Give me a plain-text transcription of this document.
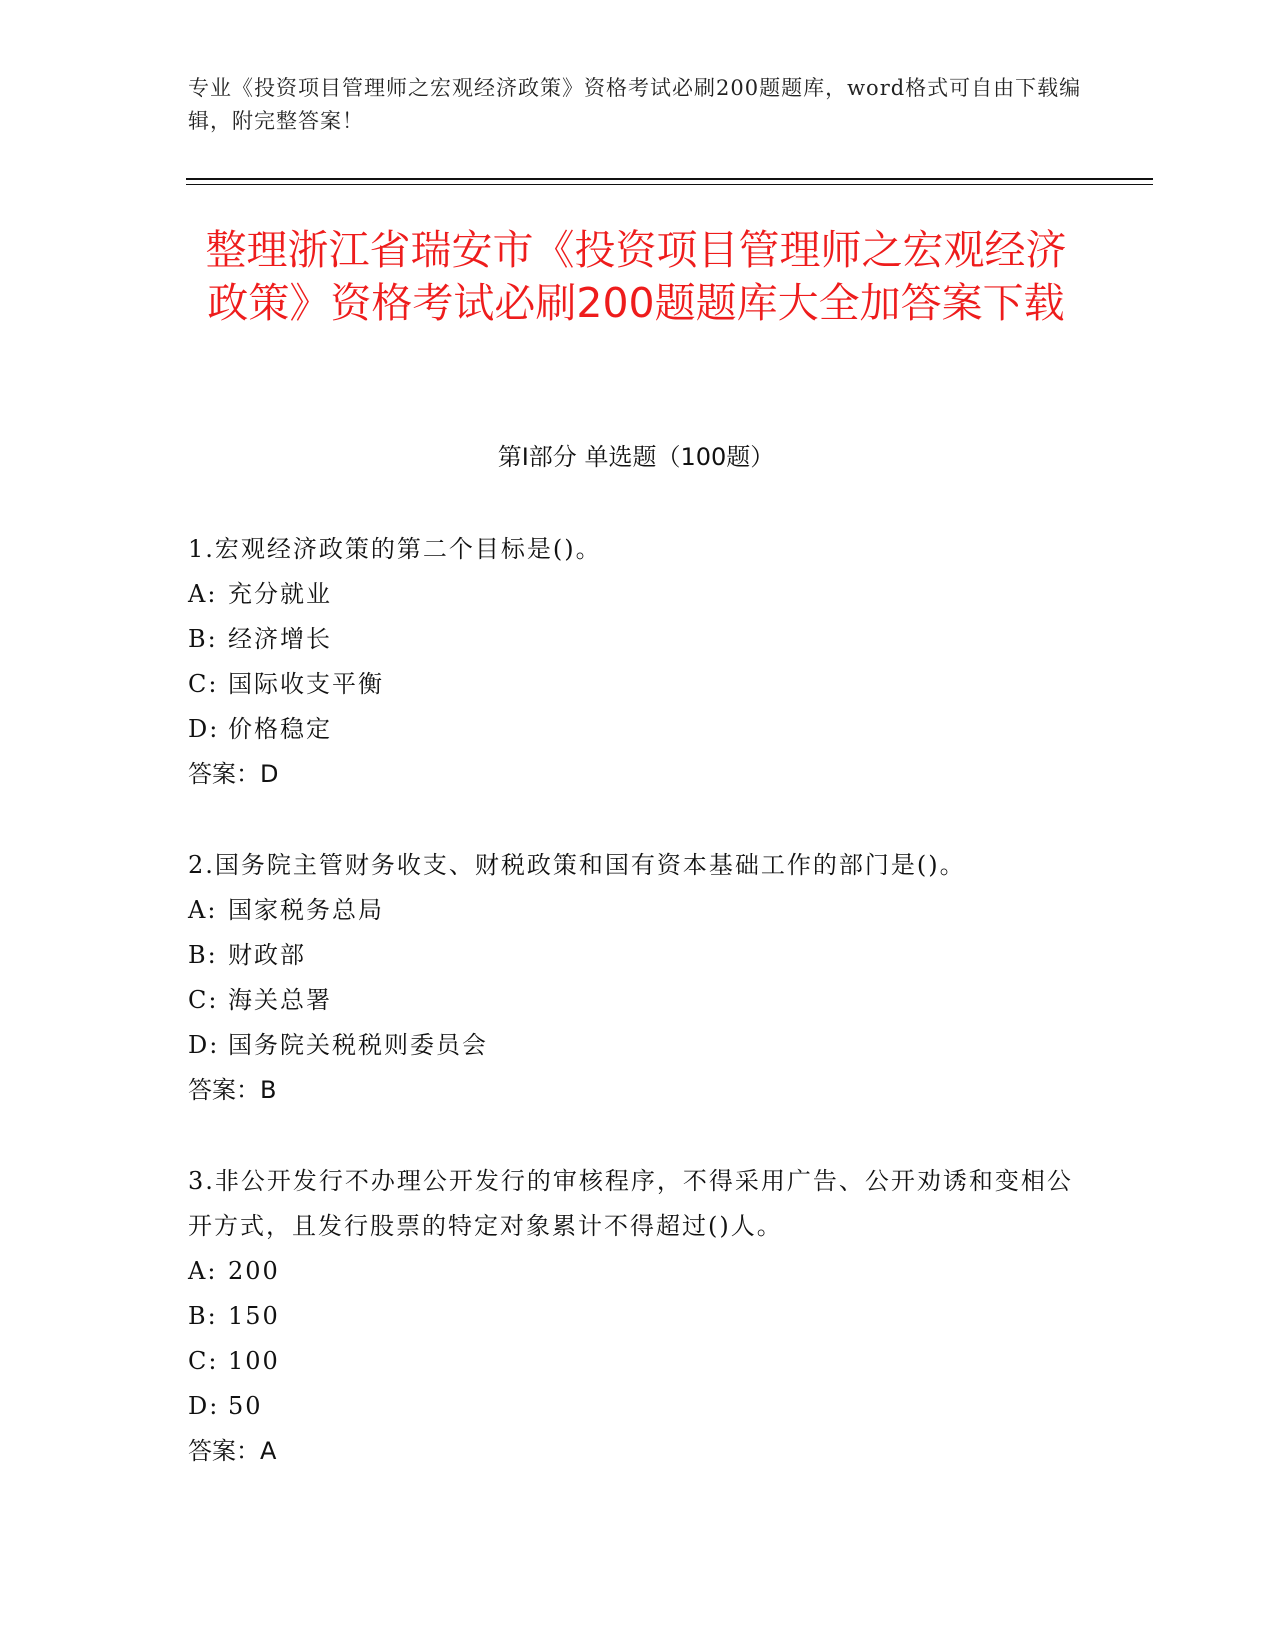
专业《投资项目管理师之宏观经济政策》资格考试必刷200题题库，word格式可自由下载编辑，附完整答案！
整理浙江省瑞安市《投资项目管理师之宏观经济政策》资格考试必刷200题题库大全加答案下载
第Ⅰ部分 单选题（100题）
1.宏观经济政策的第二个目标是()。
A: 充分就业
B: 经济增长
C: 国际收支平衡
D: 价格稳定
答案：D
2.国务院主管财务收支、财税政策和国有资本基础工作的部门是()。
A: 国家税务总局
B: 财政部
C: 海关总署
D: 国务院关税税则委员会
答案：B
3.非公开发行不办理公开发行的审核程序，不得采用广告、公开劝诱和变相公开方式，且发行股票的特定对象累计不得超过()人。
A: 200
B: 150
C: 100
D: 50
答案：A
